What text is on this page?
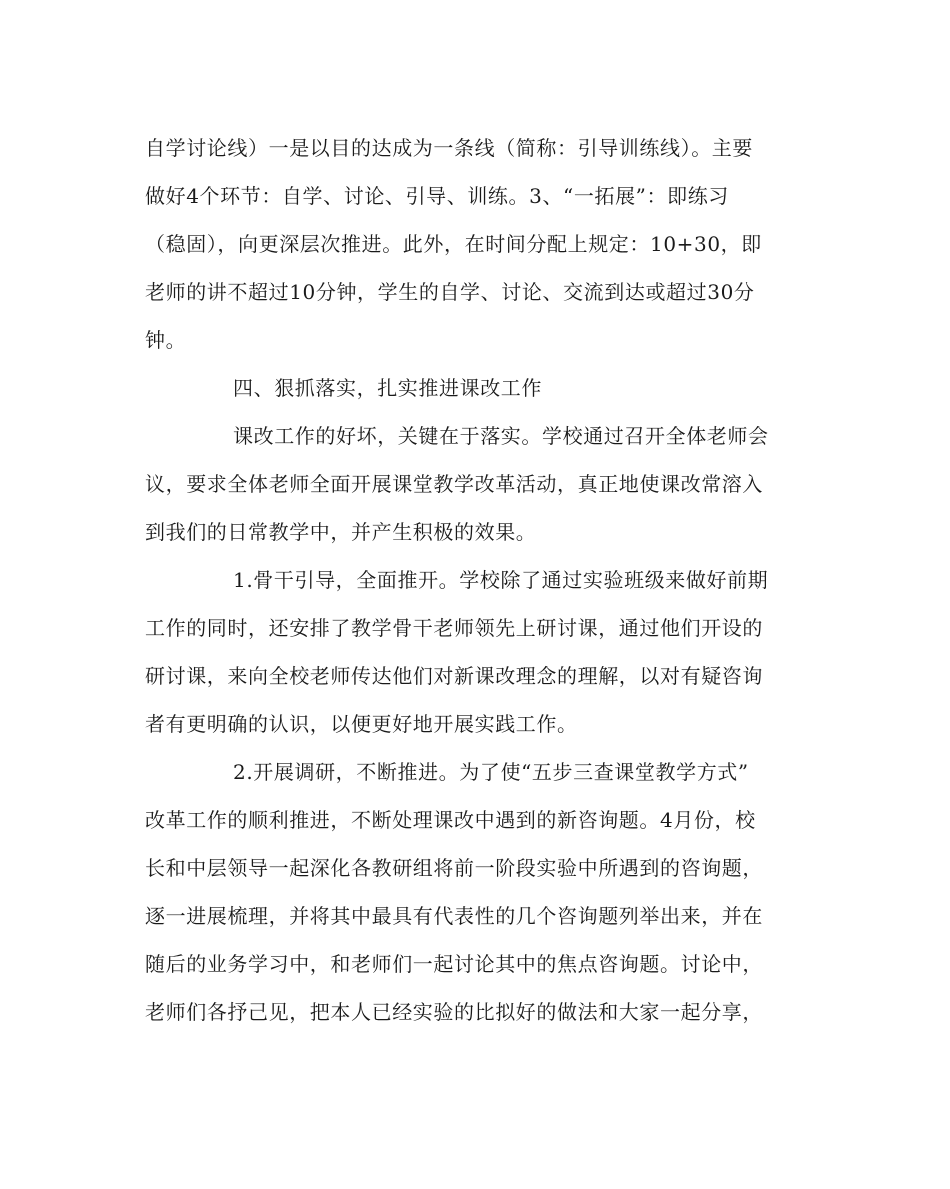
自学讨论线）一是以目的达成为一条线（简称：引导训练线）。主要
做好4个环节：自学、讨论、引导、训练。3、“一拓展”：即练习
（稳固），向更深层次推进。此外，在时间分配上规定：10+30，即
老师的讲不超过10分钟，学生的自学、讨论、交流到达或超过30分
钟。
四、狠抓落实，扎实推进课改工作
课改工作的好坏，关键在于落实。学校通过召开全体老师会
议，要求全体老师全面开展课堂教学改革活动，真正地使课改常溶入
到我们的日常教学中，并产生积极的效果。
1.骨干引导，全面推开。学校除了通过实验班级来做好前期
工作的同时，还安排了教学骨干老师领先上研讨课，通过他们开设的
研讨课，来向全校老师传达他们对新课改理念的理解，以对有疑咨询
者有更明确的认识，以便更好地开展实践工作。
2.开展调研，不断推进。为了使“五步三查课堂教学方式”
改革工作的顺利推进，不断处理课改中遇到的新咨询题。4月份，校
长和中层领导一起深化各教研组将前一阶段实验中所遇到的咨询题，
逐一进展梳理，并将其中最具有代表性的几个咨询题列举出来，并在
随后的业务学习中，和老师们一起讨论其中的焦点咨询题。讨论中，
老师们各抒己见，把本人已经实验的比拟好的做法和大家一起分享，
